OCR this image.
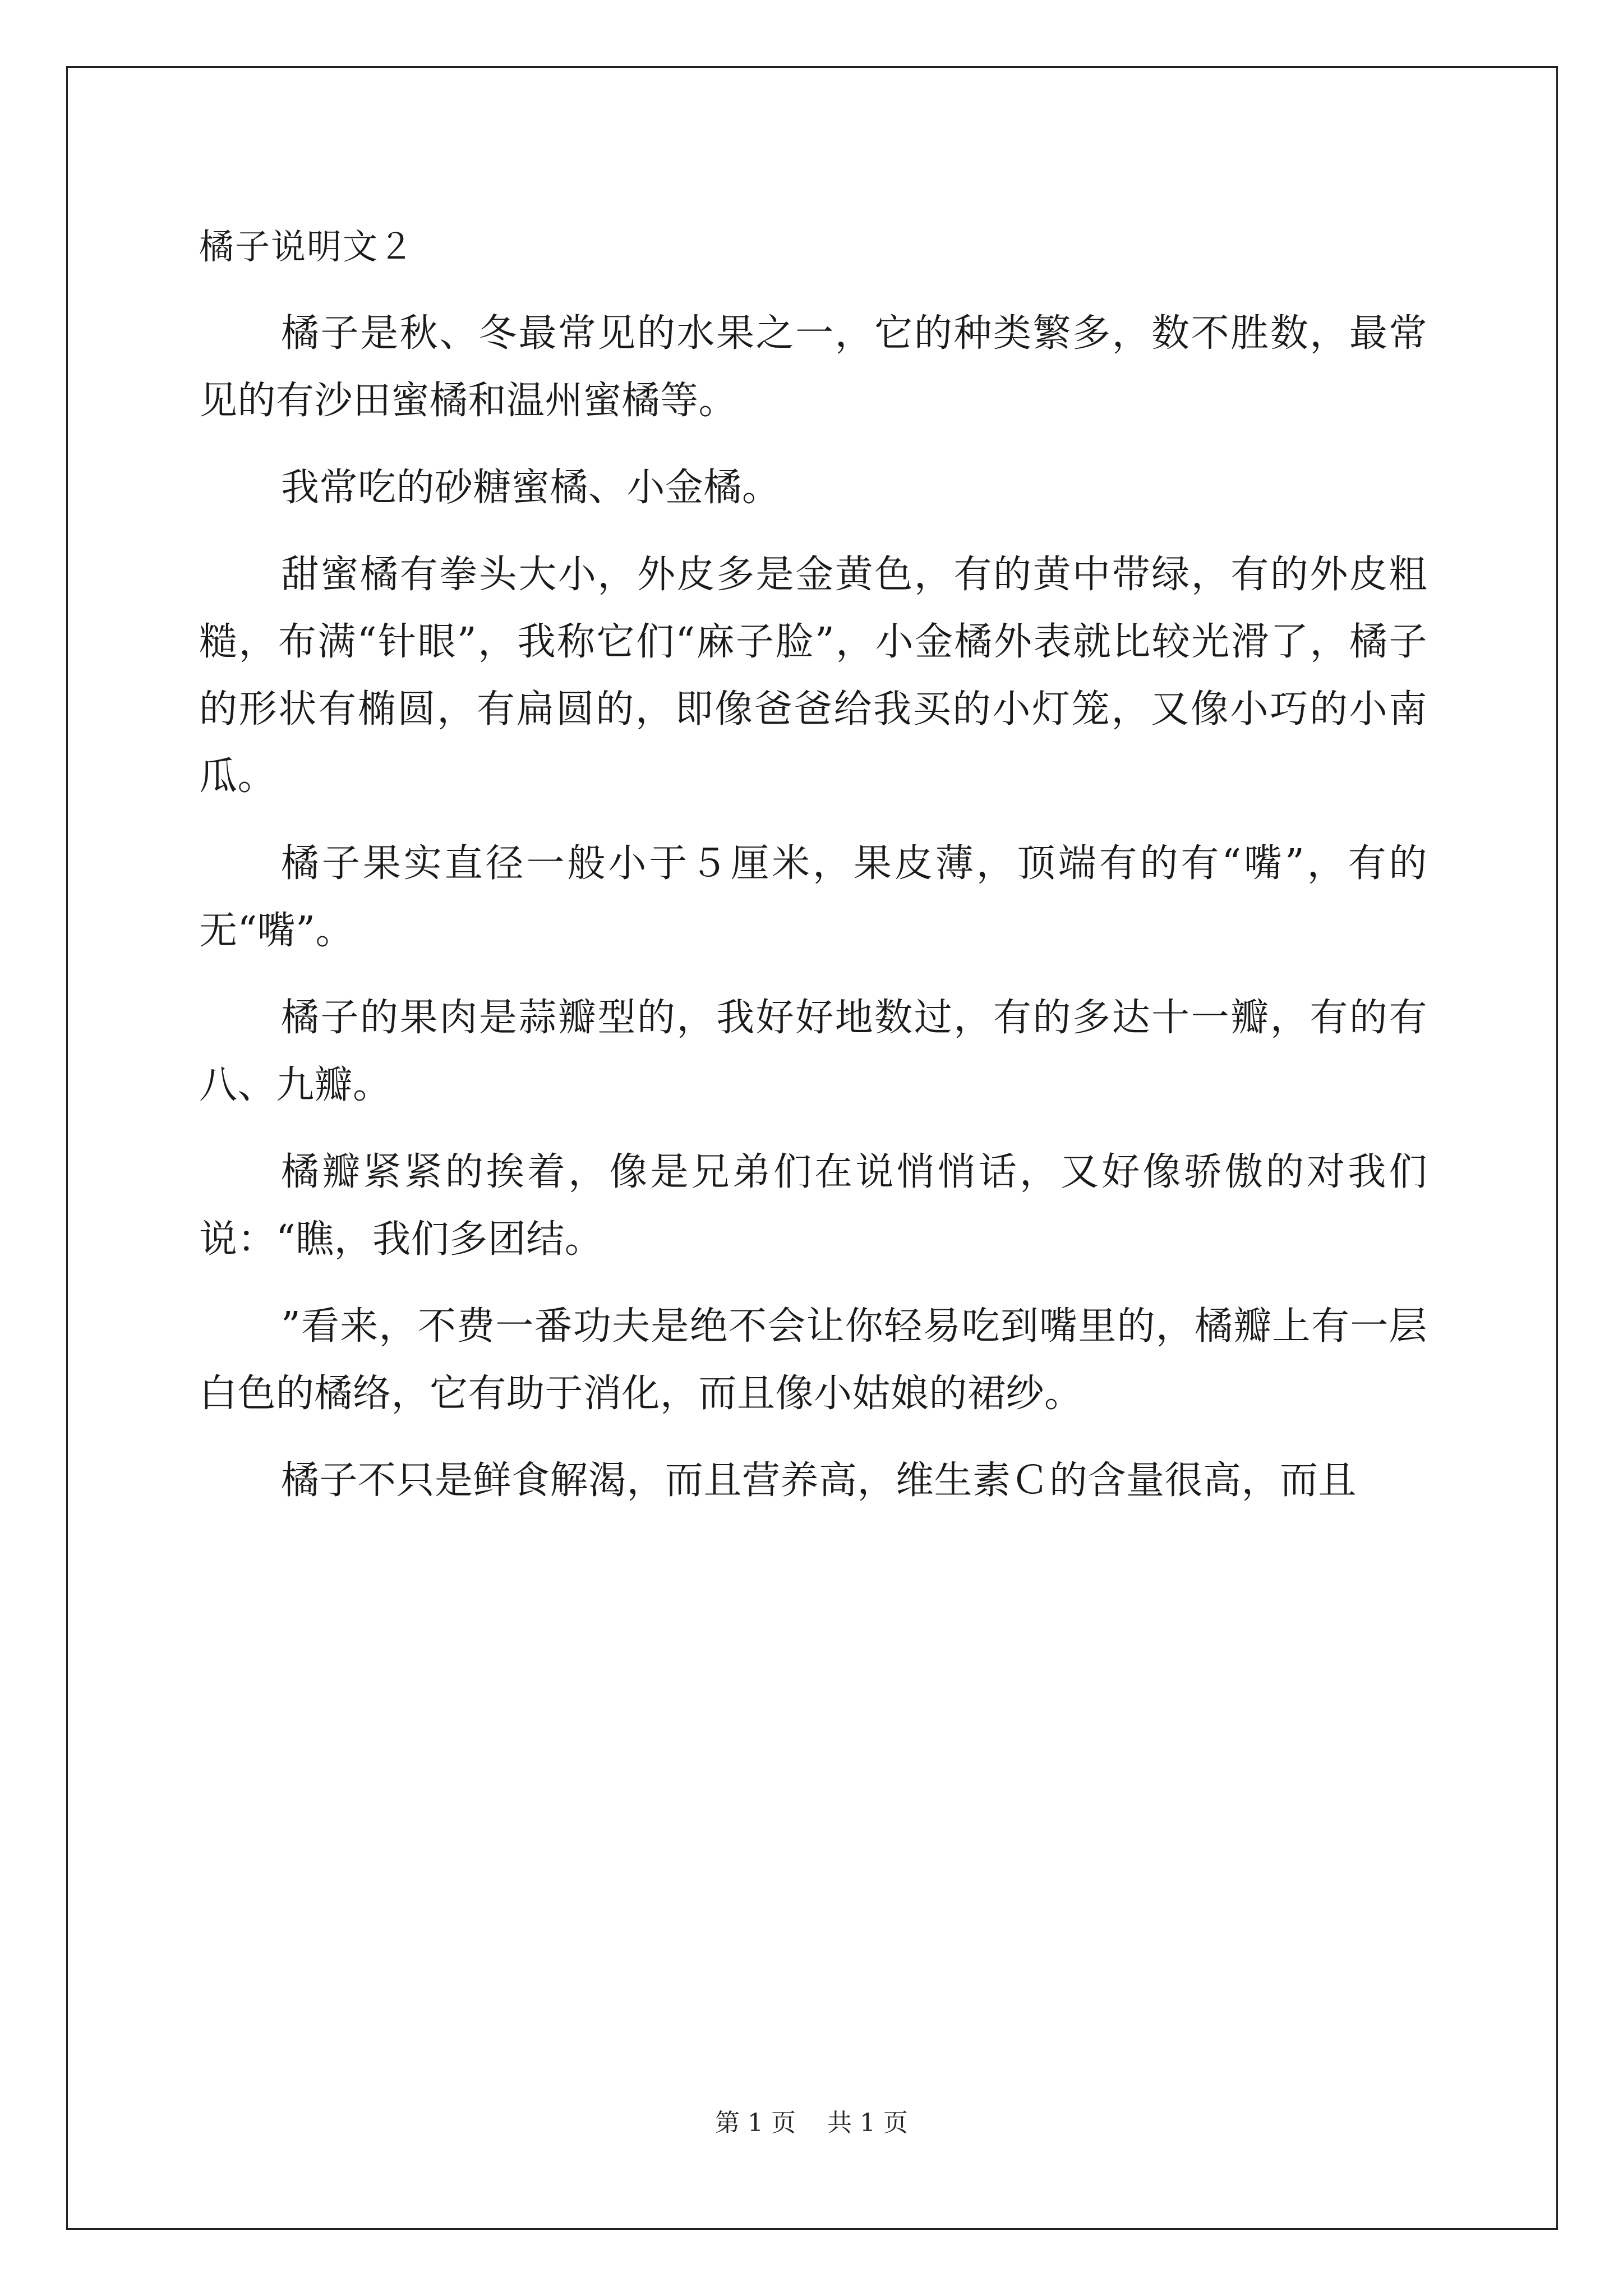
橘子说明文２

橘子是秋、冬最常见的水果之一，它的种类繁多，数不胜数，最常见的有沙田蜜橘和温州蜜橘等。

我常吃的砂糖蜜橘、小金橘。

甜蜜橘有拳头大小，外皮多是金黄色，有的黄中带绿，有的外皮粗糙，布满“针眼”，我称它们“麻子脸”，小金橘外表就比较光滑了，橘子的形状有椭圆，有扁圆的，即像爸爸给我买的小灯笼，又像小巧的小南瓜。

橘子果实直径一般小于５厘米，果皮薄，顶端有的有“嘴”，有的无“嘴”。

橘子的果肉是蒜瓣型的，我好好地数过，有的多达十一瓣，有的有八、九瓣。

橘瓣紧紧的挨着，像是兄弟们在说悄悄话，又好像骄傲的对我们说：“瞧，我们多团结。

”看来，不费一番功夫是绝不会让你轻易吃到嘴里的，橘瓣上有一层白色的橘络，它有助于消化，而且像小姑娘的裙纱。

橘子不只是鲜食解渴，而且营养高，维生素Ｃ的含量很高，而且

第 1 页 共 1 页
